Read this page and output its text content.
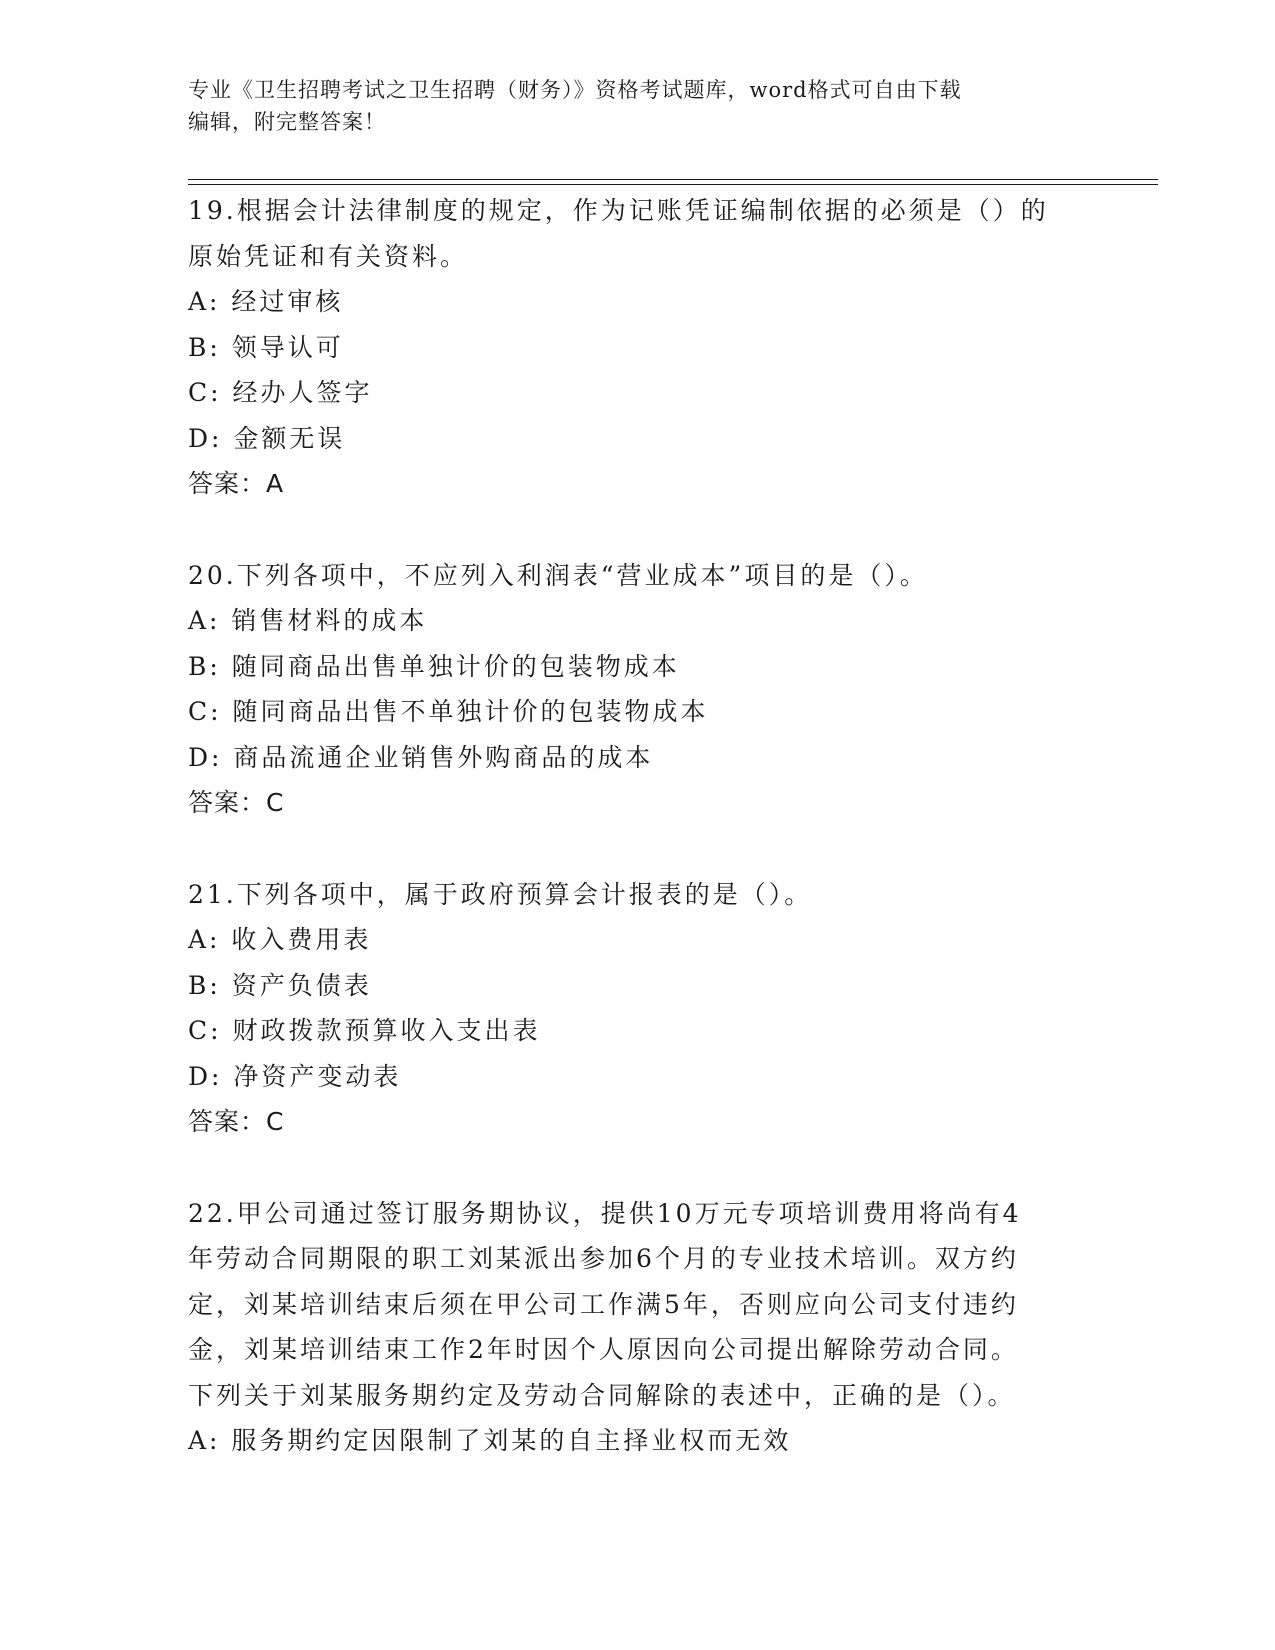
专业《卫生招聘考试之卫生招聘（财务）》资格考试题库，word格式可自由下载
编辑，附完整答案！
19.根据会计法律制度的规定，作为记账凭证编制依据的必须是（）的
原始凭证和有关资料。
A: 经过审核
B: 领导认可
C: 经办人签字
D: 金额无误
答案：A
20.下列各项中，不应列入利润表“营业成本”项目的是（）。
A: 销售材料的成本
B: 随同商品出售单独计价的包装物成本
C: 随同商品出售不单独计价的包装物成本
D: 商品流通企业销售外购商品的成本
答案：C
21.下列各项中，属于政府预算会计报表的是（）。
A: 收入费用表
B: 资产负债表
C: 财政拨款预算收入支出表
D: 净资产变动表
答案：C
22.甲公司通过签订服务期协议，提供10万元专项培训费用将尚有4
年劳动合同期限的职工刘某派出参加6个月的专业技术培训。双方约
定，刘某培训结束后须在甲公司工作满5年，否则应向公司支付违约
金，刘某培训结束工作2年时因个人原因向公司提出解除劳动合同。
下列关于刘某服务期约定及劳动合同解除的表述中，正确的是（）。
A: 服务期约定因限制了刘某的自主择业权而无效
